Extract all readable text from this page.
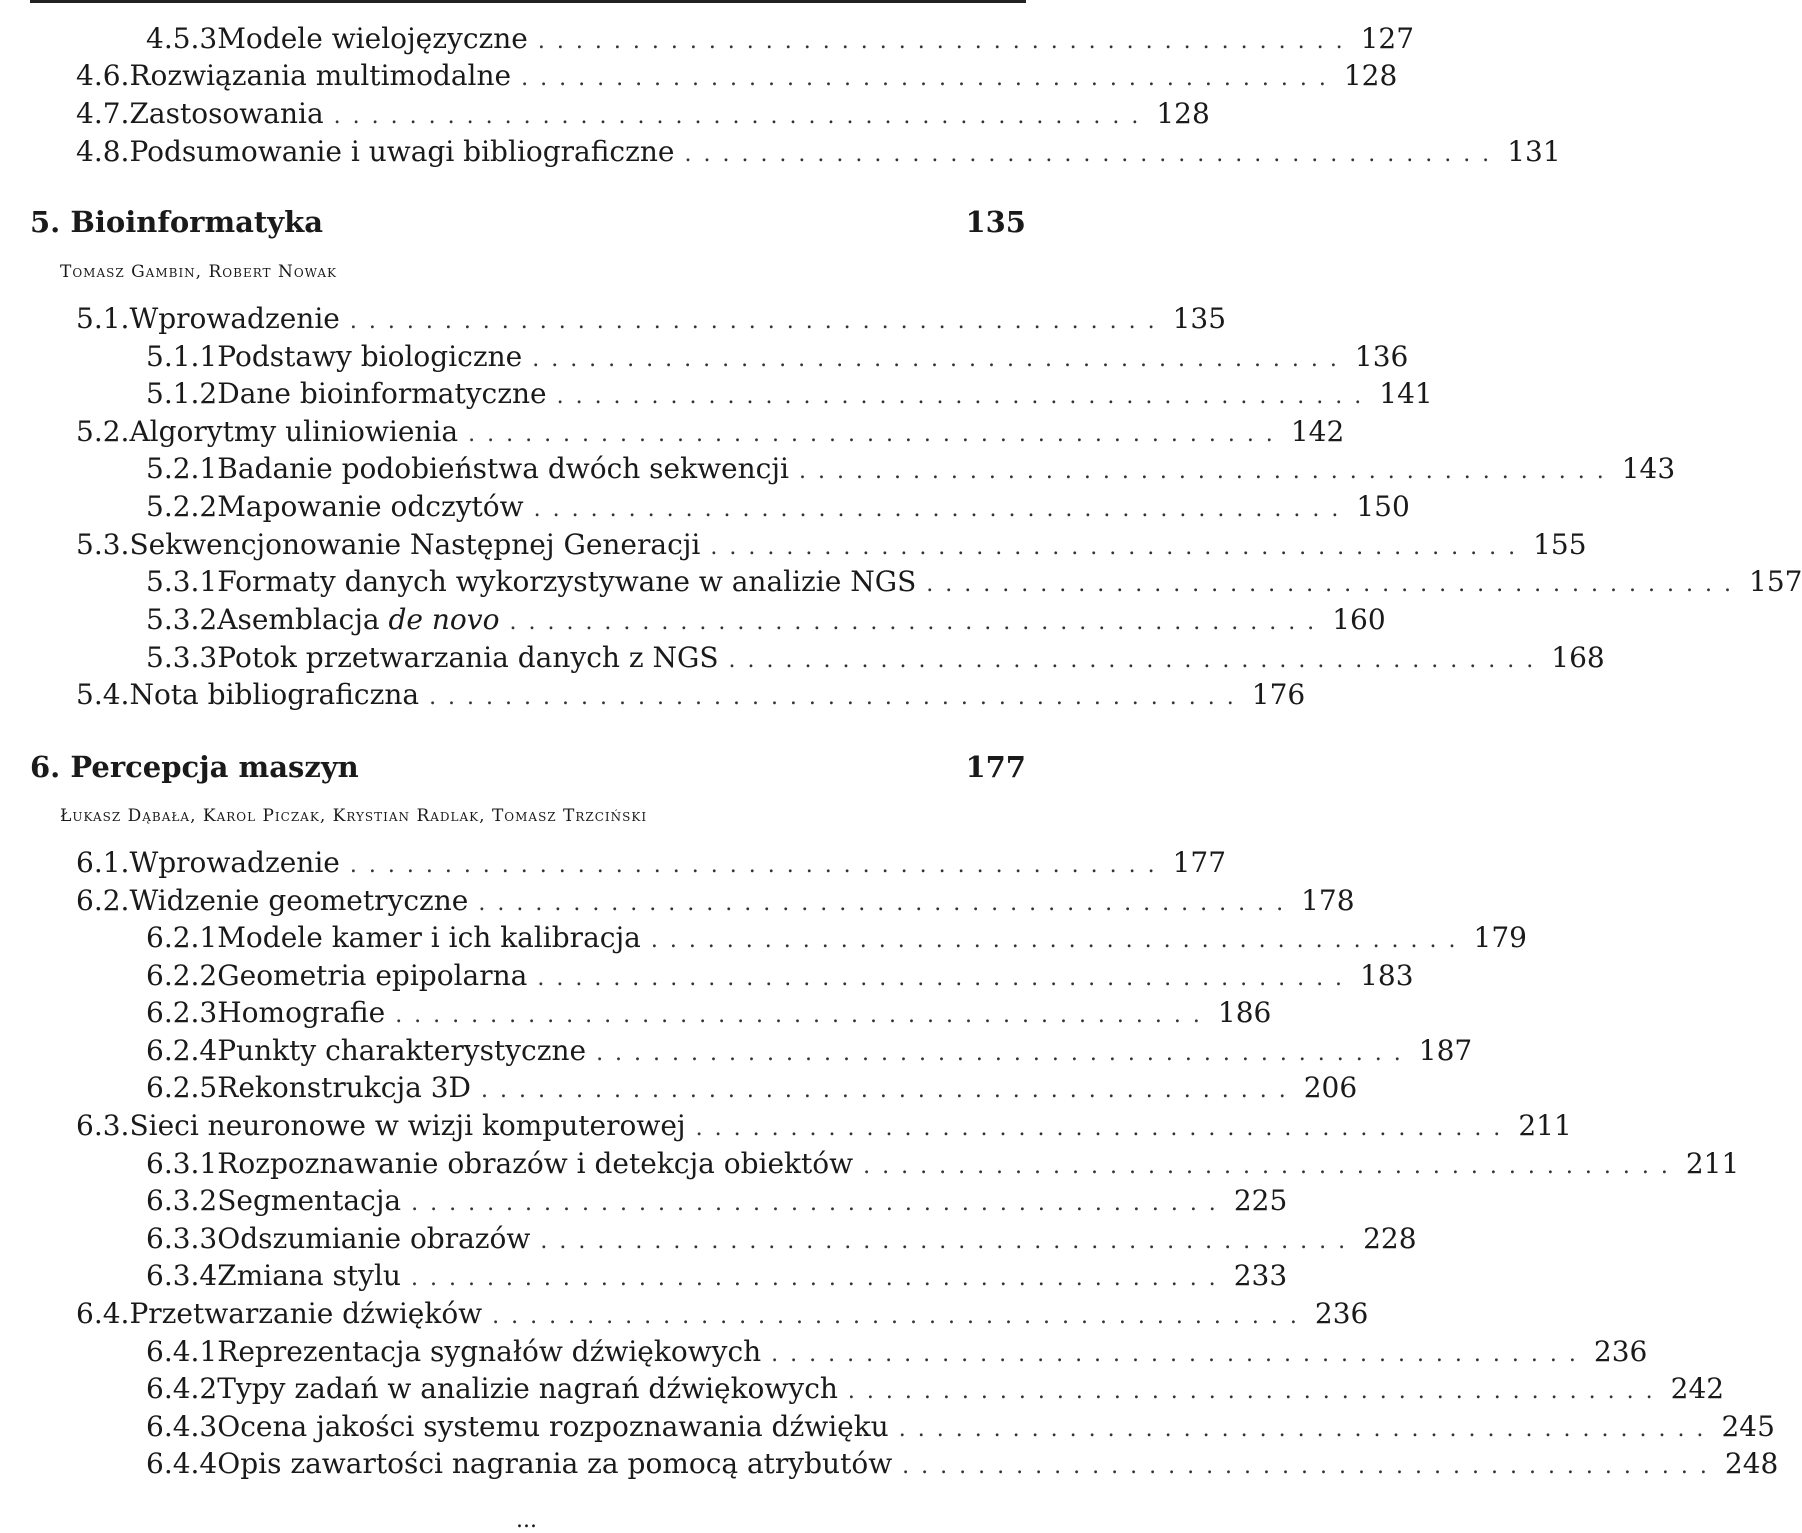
4.5.3 Modele wielojęzyczne ........................................... 127
4.6. Rozwiązania multimodalne ........................................... 128
4.7. Zastosowania ........................................... 128
4.8. Podsumowanie i uwagi bibliograficzne ........................................... 131
5. Bioinformatyka	135
Tomasz Gambin, Robert Nowak
5.1. Wprowadzenie ........................................... 135
5.1.1 Podstawy biologiczne ........................................... 136
5.1.2 Dane bioinformatyczne ........................................... 141
5.2. Algorytmy uliniowienia ........................................... 142
5.2.1 Badanie podobieństwa dwóch sekwencji ........................................... 143
5.2.2 Mapowanie odczytów ........................................... 150
5.3. Sekwencjonowanie Następnej Generacji ........................................... 155
5.3.1 Formaty danych wykorzystywane w analizie NGS ........................................... 157
5.3.2 Asemblacja de novo ........................................... 160
5.3.3 Potok przetwarzania danych z NGS ........................................... 168
5.4. Nota bibliograficzna ........................................... 176
6. Percepcja maszyn	177
Łukasz Dąbała, Karol Piczak, Krystian Radlak, Tomasz Trzciński
6.1. Wprowadzenie ........................................... 177
6.2. Widzenie geometryczne ........................................... 178
6.2.1 Modele kamer i ich kalibracja ........................................... 179
6.2.2 Geometria epipolarna ........................................... 183
6.2.3 Homografie ........................................... 186
6.2.4 Punkty charakterystyczne ........................................... 187
6.2.5 Rekonstrukcja 3D ........................................... 206
6.3. Sieci neuronowe w wizji komputerowej ........................................... 211
6.3.1 Rozpoznawanie obrazów i detekcja obiektów ........................................... 211
6.3.2 Segmentacja ........................................... 225
6.3.3 Odszumianie obrazów ........................................... 228
6.3.4 Zmiana stylu ........................................... 233
6.4. Przetwarzanie dźwięków ........................................... 236
6.4.1 Reprezentacja sygnałów dźwiękowych ........................................... 236
6.4.2 Typy zadań w analizie nagrań dźwiękowych ........................................... 242
6.4.3 Ocena jakości systemu rozpoznawania dźwięku ........................................... 245
6.4.4 Opis zawartości nagrania za pomocą atrybutów ........................................... 248
...
